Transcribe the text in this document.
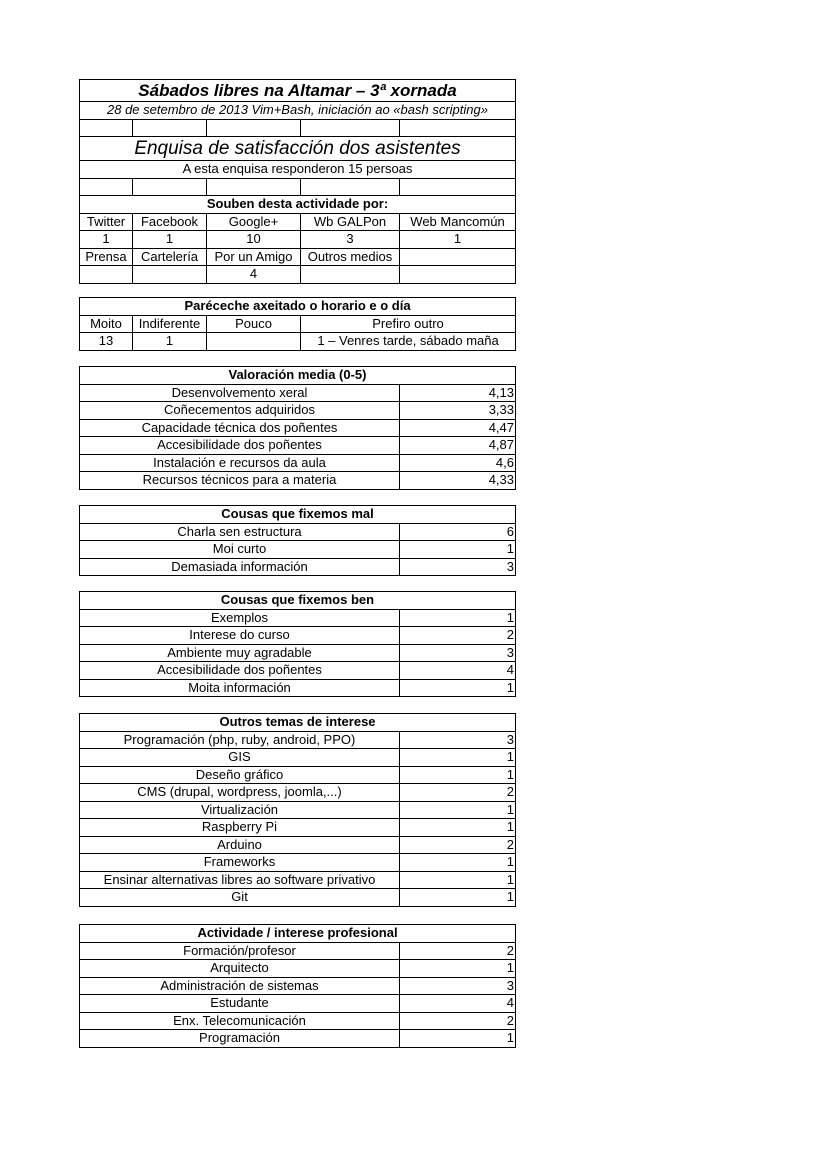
Sábados libres na Altamar – 3ª xornada				
28 de setembro de 2013 Vim+Bash, iniciación ao «bash scripting»				

Enquisa de satisfacción dos asistentes				
A esta enquisa responderon 15 persoas				

Souben desta actividade por:				
Twitter	Facebook	Google+	Wb GALPon	Web Mancomún
1	1	10	3	1
Prensa	Cartelería	Por un Amigo	Outros medios	
		4		
Paréceche axeitado o horario e o día			
Moito	Indiferente	Pouco	Prefiro outro
13	1		1 – Venres tarde, sábado maña
Valoración media (0-5)	
Desenvolvemento xeral	4,13
Coñecementos adquiridos	3,33
Capacidade técnica dos poñentes	4,47
Accesibilidade dos poñentes	4,87
Instalación e recursos da aula	4,6
Recursos técnicos para a materia	4,33
Cousas que fixemos mal	
Charla sen estructura	6
Moi curto	1
Demasiada información	3
Cousas que fixemos ben	
Exemplos	1
Interese do curso	2
Ambiente muy agradable	3
Accesibilidade dos poñentes	4
Moita información	1
Outros temas de interese	
Programación (php, ruby, android, PPO)	3
GIS	1
Deseño gráfico	1
CMS (drupal, wordpress, joomla,...)	2
Virtualización	1
Raspberry Pi	1
Arduino	2
Frameworks	1
Ensinar alternativas libres ao software privativo	1
Git	1
Actividade / interese profesional	
Formación/profesor	2
Arquitecto	1
Administración de sistemas	3
Estudante	4
Enx. Telecomunicación	2
Programación	1
